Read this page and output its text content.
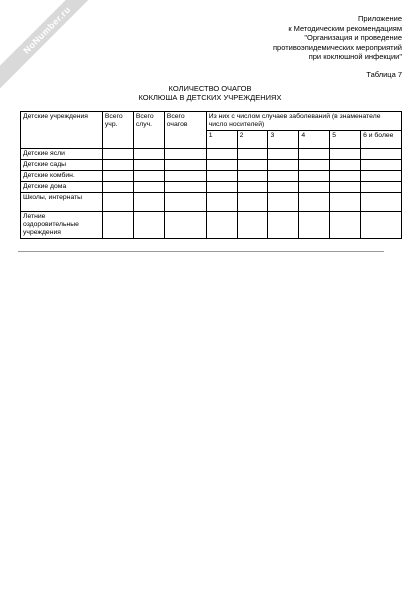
NoNumber.ru	Приложение
к Методическим рекомендациям
"Организация и проведение
противоэпидемических мероприятий
при коклюшной инфекции"
Таблица 7
КОЛИЧЕСТВО ОЧАГОВ
КОКЛЮША В ДЕТСКИХ УЧРЕЖДЕНИЯХ
Детские учреждения	Всего учр.	Всего случ.	Всего очагов	Из них с числом случаев заболеваний (в знаменателе число носителей)					
				1	2	3	4	5	6 и более
Детские ясли									
Детские сады									
Детские комбин.									
Детские дома									
Школы, интернаты									
Летние оздоровительные учреждения									
